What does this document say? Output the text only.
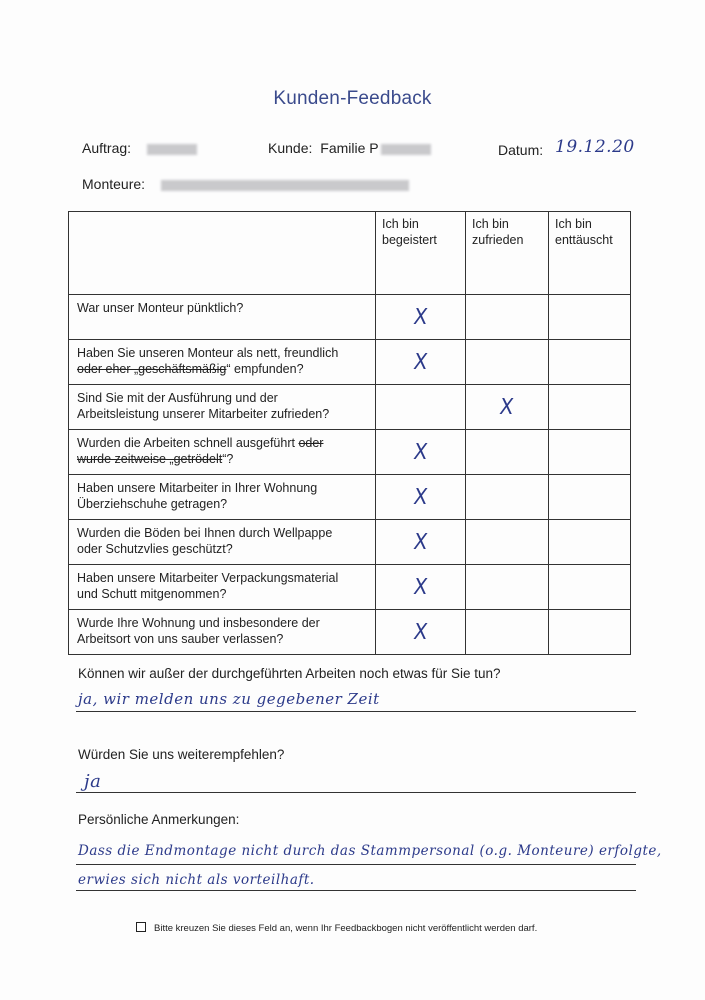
Kunden-Feedback
Auftrag:	Kunde: Familie P	Datum: 19.12.20
Monteure:
	Ich bin begeistert	Ich bin zufrieden	Ich bin enttäuscht
War unser Monteur pünktlich?	X		
Haben Sie unseren Monteur als nett, freundlich
oder eher „geschäftsmäßig“ empfunden?	X		
Sind Sie mit der Ausführung und der
Arbeitsleistung unserer Mitarbeiter zufrieden?		X	
Wurden die Arbeiten schnell ausgeführt oder
wurde zeitweise „getrödelt“?	X		
Haben unsere Mitarbeiter in Ihrer Wohnung
Überziehschuhe getragen?	X		
Wurden die Böden bei Ihnen durch Wellpappe
oder Schutzvlies geschützt?	X		
Haben unsere Mitarbeiter Verpackungsmaterial
und Schutt mitgenommen?	X		
Wurde Ihre Wohnung und insbesondere der
Arbeitsort von uns sauber verlassen?	X		
Können wir außer der durchgeführten Arbeiten noch etwas für Sie tun?
ja, wir melden uns zu gegebener Zeit
Würden Sie uns weiterempfehlen?
ja
Persönliche Anmerkungen:
Dass die Endmontage nicht durch das Stammpersonal (o.g. Monteure) erfolgte,
erwies sich nicht als vorteilhaft.
Bitte kreuzen Sie dieses Feld an, wenn Ihr Feedbackbogen nicht veröffentlicht werden darf.
